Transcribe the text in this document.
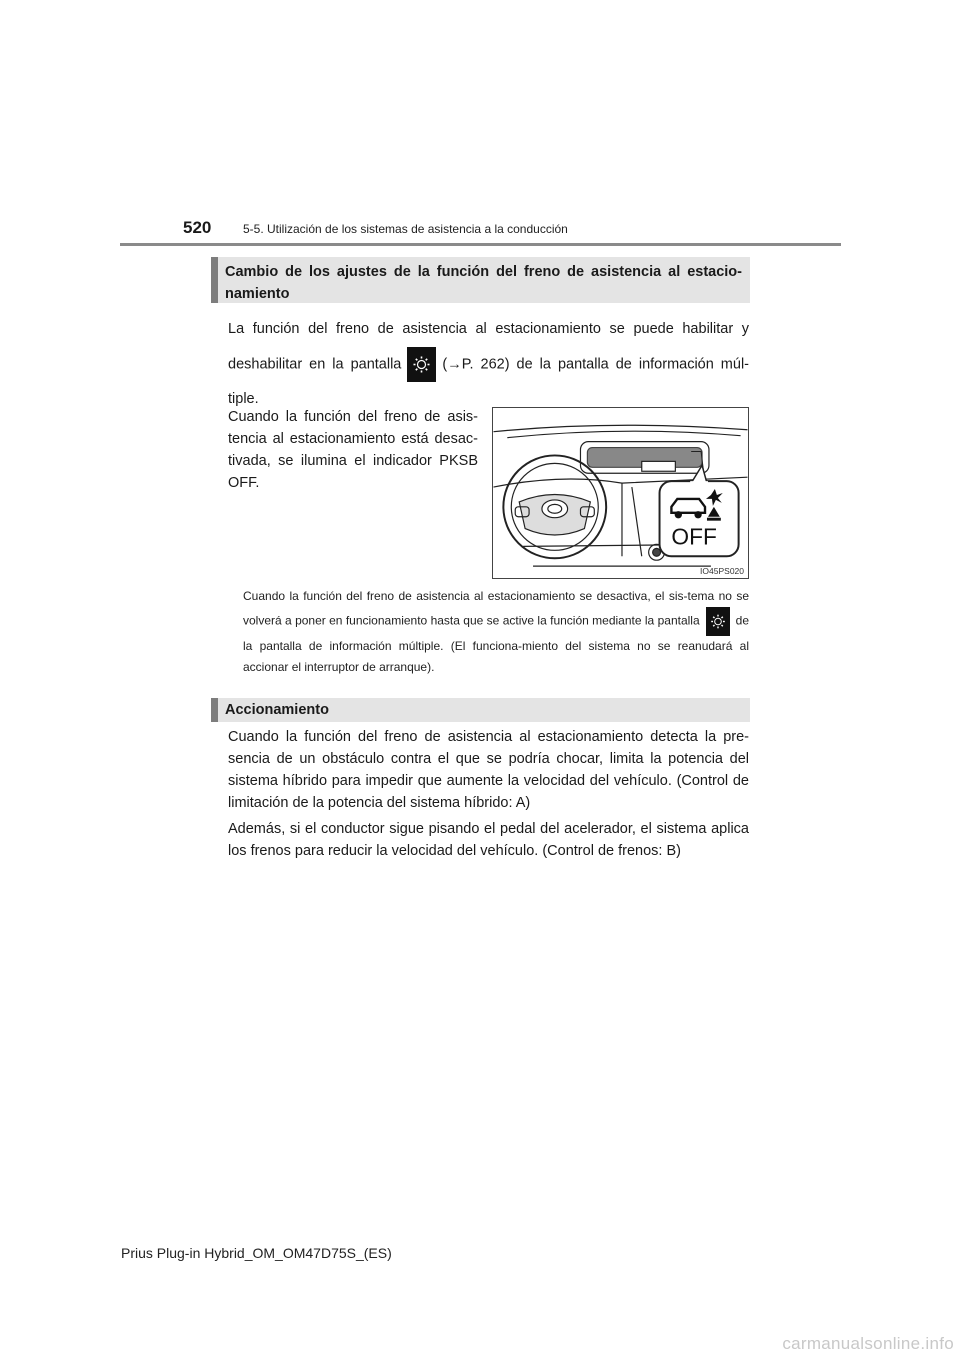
520	5-5. Utilización de los sistemas de asistencia a la conducción
Cambio de los ajustes de la función del freno de asistencia al estacio-namiento

La función del freno de asistencia al estacionamiento se puede habilitar y deshabilitar en la pantalla	(→P. 262) de la pantalla de información múl-tiple.

Cuando la función del freno de asis-tencia al estacionamiento está desac-tivada, se ilumina el indicador PKSB OFF.

OFF
IO45PS020

Cuando la función del freno de asistencia al estacionamiento se desactiva, el sis-tema no se volverá a poner en funcionamiento hasta que se active la función mediante la pantalla	de la pantalla de información múltiple. (El funciona-miento del sistema no se reanudará al accionar el interruptor de arranque).

Accionamiento

Cuando la función del freno de asistencia al estacionamiento detecta la pre-sencia de un obstáculo contra el que se podría chocar, limita la potencia del sistema híbrido para impedir que aumente la velocidad del vehículo. (Control de limitación de la potencia del sistema híbrido: A)

Además, si el conductor sigue pisando el pedal del acelerador, el sistema aplica los frenos para reducir la velocidad del vehículo. (Control de frenos: B)

Prius Plug-in Hybrid_OM_OM47D75S_(ES)
carmanualsonline.info
